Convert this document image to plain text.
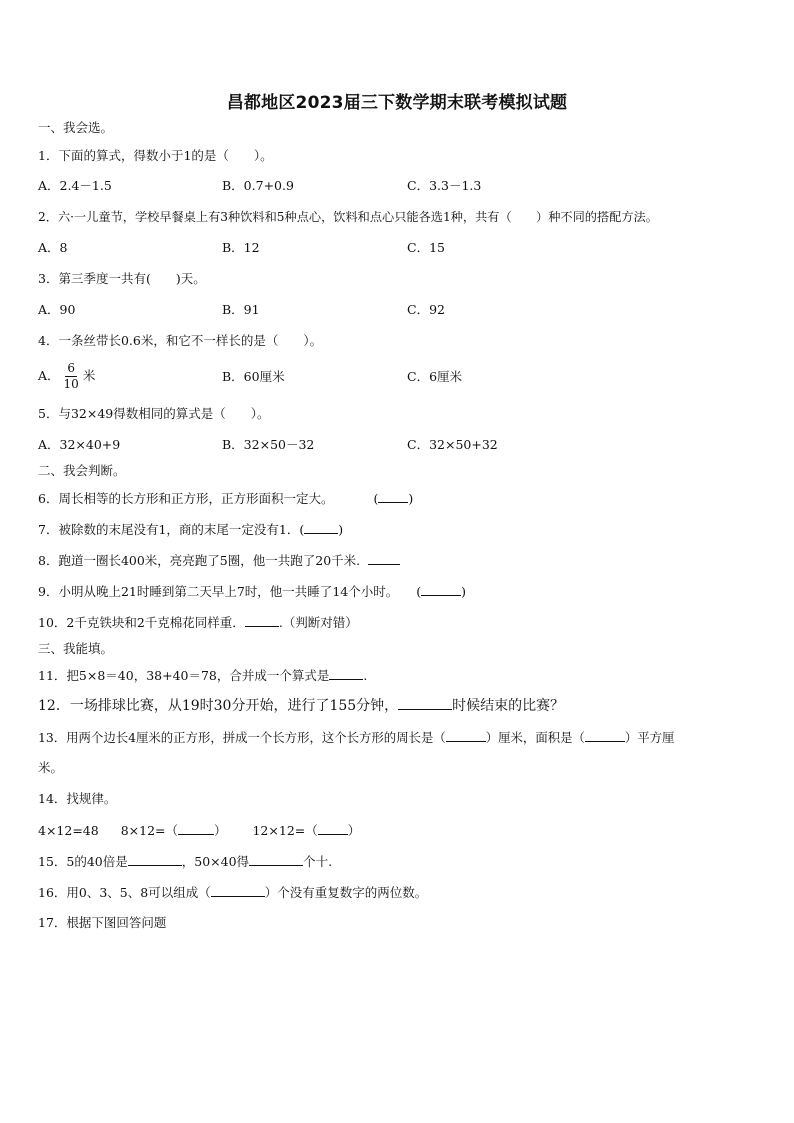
昌都地区2023届三下数学期末联考模拟试题
一、我会选。
1．下面的算式，得数小于1的是（　　）。
A．2.4－1.5	B．0.7+0.9	C．3.3－1.3
2．六·一儿童节，学校早餐桌上有3种饮料和5种点心，饮料和点心只能各选1种，共有（　　）种不同的搭配方法。
A．8	B．12	C．15
3．第三季度一共有(　　)天。
A．90	B．91	C．92
4．一条丝带长0.6米，和它不一样长的是（　　）。
A． $\frac{6}{10}$ 米	B．60厘米	C．6厘米
5．与32×49得数相同的算式是（　　）。
A．32×40+9	B．32×50－32	C．32×50+32
二、我会判断。
6．周长相等的长方形和正方形，正方形面积一定大。	( )
7．被除数的末尾没有1，商的末尾一定没有1．(	)
8．跑道一圈长400米，亮亮跑了5圈，他一共跑了20千米.
9．小明从晚上21时睡到第二天早上7时，他一共睡了14个小时。 (	)
10．2千克铁块和2千克棉花同样重．	.（判断对错）
三、我能填。
11．把5×8＝40，38+40＝78，合并成一个算式是	.
12．一场排球比赛，从19时30分开始，进行了155分钟，	时候结束的比赛？
13．用两个边长4厘米的正方形，拼成一个长方形，这个长方形的周长是（	）厘米，面积是（	）平方厘
米。
14．找规律。
4×12=48 8×12=（	） 12×12=（ ）
15．5的40倍是	，50×40得	个十.
16．用0、3、5、8可以组成（	）个没有重复数字的两位数。
17．根据下图回答问题
